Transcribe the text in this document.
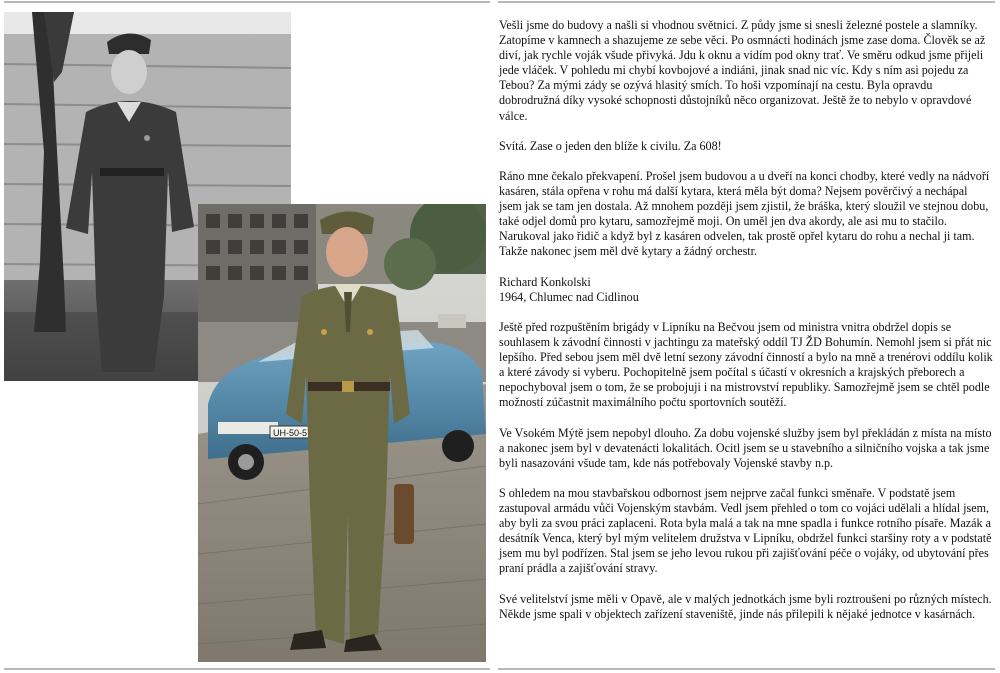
UH-50-5

Vešli jsme do budovy a našli si vhodnou světnici. Z půdy jsme si snesli železné postele a slamníky. Zatopíme v kamnech a shazujeme ze sebe věci. Po osmnácti hodinách jsme zase doma. Člověk se až diví, jak rychle voják všude přivyká. Jdu k oknu a vidím pod okny trať. Ve směru odkud jsme přijeli jede vláček. V pohledu mi chybí kovbojové a indiáni, jinak snad nic víc. Kdy s ním asi pojedu za Tebou? Za mými zády se ozývá hlasitý smích. To hoši vzpomínají na cestu. Byla opravdu dobrodružná díky vysoké schopnosti důstojníků něco organizovat. Ještě že to nebylo v opravdové válce.

Svítá. Zase o jeden den blíže k civilu. Za 608!

Ráno mne čekalo překvapení. Prošel jsem budovou a u dveří na konci chodby, které vedly na nádvoří kasáren, stála opřena v rohu má další kytara, která měla být doma? Nejsem pověrčivý a nechápal jsem jak se tam jen dostala. Až mnohem později jsem zjistil, že bráška, který sloužil ve stejnou dobu, také odjel domů pro kytaru, samozřejmě moji. On uměl jen dva akordy, ale asi mu to stačilo. Narukoval jako řidič a když byl z kasáren odvelen, tak prostě opřel kytaru do rohu a nechal ji tam. Takže nakonec jsem měl dvě kytary a žádný orchestr.

Richard Konkolski
1964, Chlumec nad Cidlinou

Ještě před rozpuštěním brigády v Lipníku na Bečvou jsem od ministra vnitra obdržel dopis se souhlasem k závodní činnosti v jachtingu za mateřský oddíl TJ ŽD Bohumín. Nemohl jsem si přát nic lepšího. Před sebou jsem měl dvě letní sezony závodní činností a bylo na mně a trenérovi oddílu kolik a které závody si vyberu. Pochopitelně jsem počítal s účastí v okresních a krajských přeborech a nepochyboval jsem o tom, že se probojuji i na mistrovství republiky. Samozřejmě jsem se chtěl podle možností zúčastnit maximálního počtu sportovních soutěží.

Ve Vsokém Mýtě jsem nepobyl dlouho. Za dobu vojenské služby jsem byl překládán z místa na místo a nakonec jsem byl v devatenácti lokalitách. Ocitl jsem se u stavebního a silničního vojska a tak jsme byli nasazováni všude tam, kde nás potřebovaly Vojenské stavby n.p.

S ohledem na mou stavbařskou odbornost jsem nejprve začal funkci směnaře. V podstatě jsem zastupoval armádu vůči Vojenským stavbám. Vedl jsem přehled o tom co vojáci udělali a hlídal jsem, aby byli za svou práci zaplaceni. Rota byla malá a tak na mne spadla i funkce rotního písaře. Mazák a desátník Venca, který byl mým velitelem družstva v Lipníku, obdržel funkci staršiny roty a v podstatě jsem mu byl podřízen. Stal jsem se jeho levou rukou při zajišťování péče o vojáky, od ubytování přes praní prádla a zajišťování stravy.

Své velitelství jsme měli v Opavě, ale v malých jednotkách jsme byli roztroušeni po různých místech. Někde jsme spali v objektech zařízení staveniště, jinde nás přilepili k nějaké jednotce v kasárnách.
